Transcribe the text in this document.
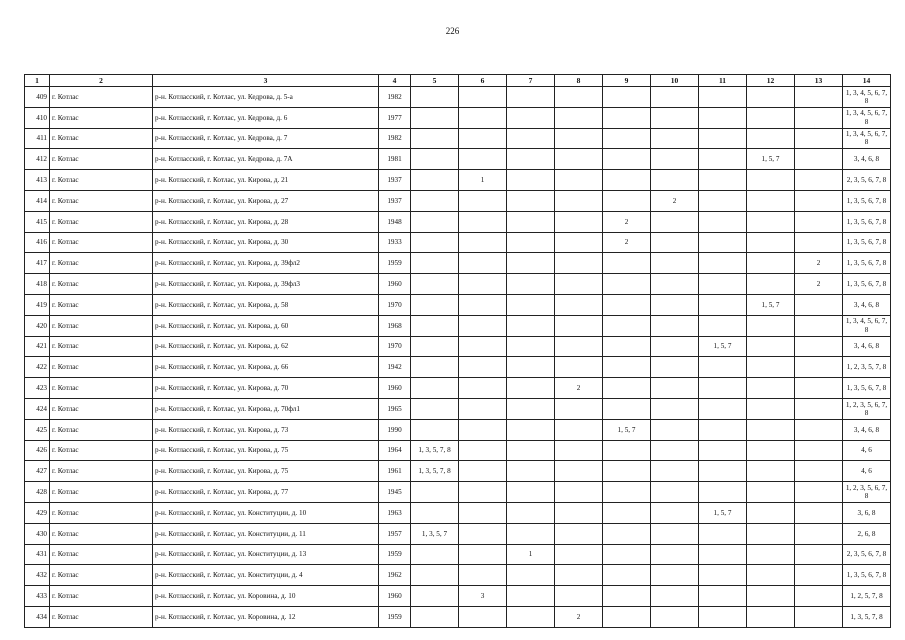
226
1	2	3	4	5	6	7	8	9	10	11	12	13	14
409	г. Котлас	р-н. Котласский, г. Котлас, ул. Кедрова, д. 5-а	1982										1, 3, 4, 5, 6, 7, 8
410	г. Котлас	р-н. Котласский, г. Котлас, ул. Кедрова, д. 6	1977										1, 3, 4, 5, 6, 7, 8
411	г. Котлас	р-н. Котласский, г. Котлас, ул. Кедрова, д. 7	1982										1, 3, 4, 5, 6, 7, 8
412	г. Котлас	р-н. Котласский, г. Котлас, ул. Кедрова, д. 7А	1981								1, 5, 7		3, 4, 6, 8
413	г. Котлас	р-н. Котласский, г. Котлас, ул. Кирова, д. 21	1937		1								2, 3, 5, 6, 7, 8
414	г. Котлас	р-н. Котласский, г. Котлас, ул. Кирова, д. 27	1937						2				1, 3, 5, 6, 7, 8
415	г. Котлас	р-н. Котласский, г. Котлас, ул. Кирова, д. 28	1948					2					1, 3, 5, 6, 7, 8
416	г. Котлас	р-н. Котласский, г. Котлас, ул. Кирова, д. 30	1933					2					1, 3, 5, 6, 7, 8
417	г. Котлас	р-н. Котласский, г. Котлас, ул. Кирова, д. 39фл2	1959									2	1, 3, 5, 6, 7, 8
418	г. Котлас	р-н. Котласский, г. Котлас, ул. Кирова, д. 39фл3	1960									2	1, 3, 5, 6, 7, 8
419	г. Котлас	р-н. Котласский, г. Котлас, ул. Кирова, д. 58	1970								1, 5, 7		3, 4, 6, 8
420	г. Котлас	р-н. Котласский, г. Котлас, ул. Кирова, д. 60	1968										1, 3, 4, 5, 6, 7, 8
421	г. Котлас	р-н. Котласский, г. Котлас, ул. Кирова, д. 62	1970							1, 5, 7			3, 4, 6, 8
422	г. Котлас	р-н. Котласский, г. Котлас, ул. Кирова, д. 66	1942										1, 2, 3, 5, 7, 8
423	г. Котлас	р-н. Котласский, г. Котлас, ул. Кирова, д. 70	1960				2						1, 3, 5, 6, 7, 8
424	г. Котлас	р-н. Котласский, г. Котлас, ул. Кирова, д. 70фл1	1965										1, 2, 3, 5, 6, 7, 8
425	г. Котлас	р-н. Котласский, г. Котлас, ул. Кирова, д. 73	1990					1, 5, 7					3, 4, 6, 8
426	г. Котлас	р-н. Котласский, г. Котлас, ул. Кирова, д. 75	1964	1, 3, 5, 7, 8									4, 6
427	г. Котлас	р-н. Котласский, г. Котлас, ул. Кирова, д. 75	1961	1, 3, 5, 7, 8									4, 6
428	г. Котлас	р-н. Котласский, г. Котлас, ул. Кирова, д. 77	1945										1, 2, 3, 5, 6, 7, 8
429	г. Котлас	р-н. Котласский, г. Котлас, ул. Конституции, д. 10	1963							1, 5, 7			3, 6, 8
430	г. Котлас	р-н. Котласский, г. Котлас, ул. Конституции, д. 11	1957	1, 3, 5, 7									2, 6, 8
431	г. Котлас	р-н. Котласский, г. Котлас, ул. Конституции, д. 13	1959			1							2, 3, 5, 6, 7, 8
432	г. Котлас	р-н. Котласский, г. Котлас, ул. Конституции, д. 4	1962										1, 3, 5, 6, 7, 8
433	г. Котлас	р-н. Котласский, г. Котлас, ул. Коровина, д. 10	1960		3								1, 2, 5, 7, 8
434	г. Котлас	р-н. Котласский, г. Котлас, ул. Коровина, д. 12	1959				2						1, 3, 5, 7, 8
